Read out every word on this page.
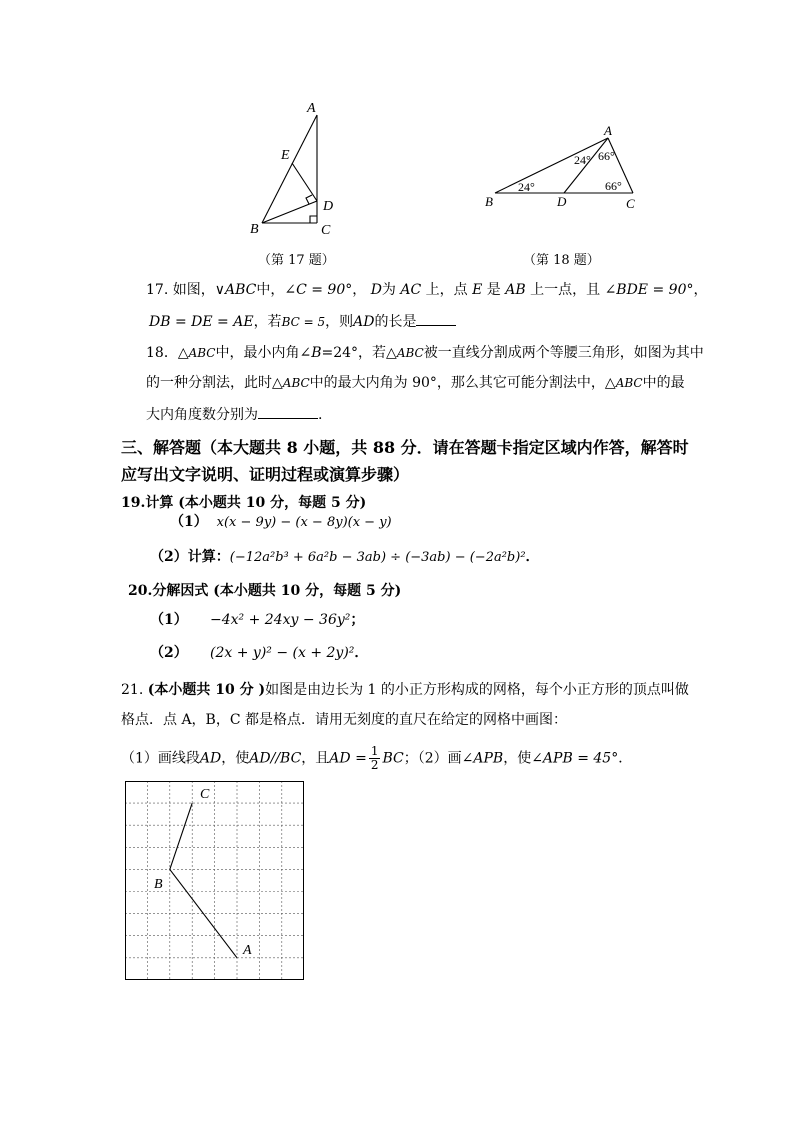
A
E
D
B	C
（第 17 题）
A
B	D	C
24°
24° 66°
66°
（第 18 题）
17. 如图，∨ABC中，∠C = 90°， D为 AC 上，点 E 是 AB 上一点，且 ∠BDE = 90°，
DB = DE = AE，若BC = 5，则AD的长是
18．△ABC中，最小内角∠B=24°，若△ABC被一直线分割成两个等腰三角形，如图为其中
的一种分割法，此时△ABC中的最大内角为 90°，那么其它可能分割法中，△ABC中的最
大内角度数分别为	.
三、解答题（本大题共 8 小题，共 88 分．请在答题卡指定区域内作答，解答时
应写出文字说明、证明过程或演算步骤）
19.计算 (本小题共 10 分，每题 5 分)
（1） x(x − 9y) − (x − 8y)(x − y)
（2）计算：(−12a²b³ + 6a²b − 3ab) ÷ (−3ab) − (−2a²b)²．
20.分解因式 (本小题共 10 分，每题 5 分)
（1） −4x² + 24xy − 36y²；
（2） (2x + y)² − (x + 2y)²．
21. (本小题共 10 分 )如图是由边长为 1 的小正方形构成的网格，每个小正方形的顶点叫做
格点．点 A，B，C 都是格点．请用无刻度的直尺在给定的网格中画图：
（1）画线段AD，使AD//BC，且AD = $\frac{1}{2}$ BC；（2）画∠APB，使∠APB = 45°．
C
B
A
